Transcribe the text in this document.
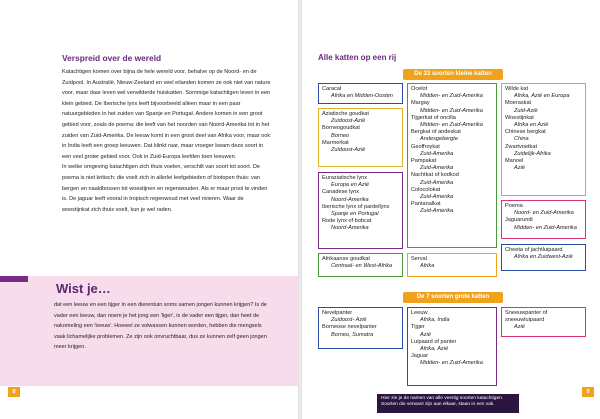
Verspreid over de wereld

Katachtigen komen over bijna de hele wereld voor, behalve op de Noord- en de Zuidpool. In Australië, Nieuw-Zeeland en veel eilanden komen ze ook niet van nature voor, maar daar leven wel verwilderde huiskatten. Sommige katachtigen leven in een klein gebied. De Iberische lynx leeft bijvoorbeeld alleen maar in een paar natuurgebieden in het zuiden van Spanje en Portugal. Andere komen in een groot gebied voor, zoals de poema: die leeft van het noorden van Noord-Amerika tot in het zuiden van Zuid-Amerika. De leeuw komt in een groot deel van Afrika voor, maar ook in India leeft een groep leeuwen. Dat klinkt raar, maar vroeger kwam deze soort in een veel groter gebied voor. Ook in Zuid-Europa leefden toen leeuwen.

In welke omgeving katachtigen zich thuis voelen, verschilt van soort tot soort. De poema is niet kritisch: die voelt zich in allerlei leefgebieden of biotopen thuis: van bergen en naaldbossen tot woestijnen en regenwouden. Als er maar prooi te vinden is. De jaguar leeft vooral in tropisch regenwoud met veel rivieren. Waar de woestijnkat zich thuis voelt, kun je wel raden.

Wist je…

dat een leeuw en een tijger in een dierentuin soms samen jongen kunnen krijgen? Is de vader een leeuw, dan noem je het jong een 'liger', is de vader een tijger, dan heet de nakomeling een 'teeuw'. Hoewel ze volwassen kunnen worden, hebben die mengsels vaak lichamelijke problemen. Ze zijn ook onvruchtbaar, dus ze kunnen zelf geen jongen meer krijgen.

8
Alle katten op een rij
De 33 soorten kleine katten
De 7 soorten grote katten
Caracal
Afrika en Midden-Oosten
Aziatische goudkat
Zuidoost-Azië
Borneogoudkat
Borneo
Marmerkat
Zuidoost-Azië
Euraziatische lynx
Europa en Azië
Canadese lynx
Noord-Amerika
Iberische lynx of pardellynx
Spanje en Portugal
Rode lynx of bobcat
Noord-Amerika
Afrikaanse goudkat
Centraal- en West-Afrika
Ocelot
Midden- en Zuid-Amerika
Margay
Midden- en Zuid-Amerika
Tijgerkat of oncilla
Midden- en Zuid-Amerika
Bergkat of andeskat
Andesgebergte
Geoffroykat
Zuid-Amerika
Pampakat
Zuid-Amerika
Nachtkat of kodkod
Zuid-Amerika
Colocolokat
Zuid-Amerika
Pantanalkat
Zuid-Amerika
Serval
Afrika
Wilde kat
Afrika, Azië en Europa
Moeraskat
Zuid-Azië
Woestijnkat
Afrika en Azië
Chinese bergkat
China
Zwartvoetkat
Zuidelijk-Afrika
Manoel
Azië
Poema
Noord- en Zuid-Amerika
Jaguarundi
Midden- en Zuid-Amerika
Cheeta of jachtluipaard
Afrika en Zuidwest-Azië
Nevelpanter
Zuidoost- Azië
Borneose nevelpanter
Borneo, Sumatra
Leeuw
Afrika, India
Tijger
Azië
Luipaard of panter
Afrika, Azië
Jaguar
Midden- en Zuid-Amerika
Sneeuwpanter of sneeuwluipaard
Azië
Hier zie je de namen van alle veertig soorten katachtigen. Soorten die verwant zijn aan elkaar, staan in een vak.
9
